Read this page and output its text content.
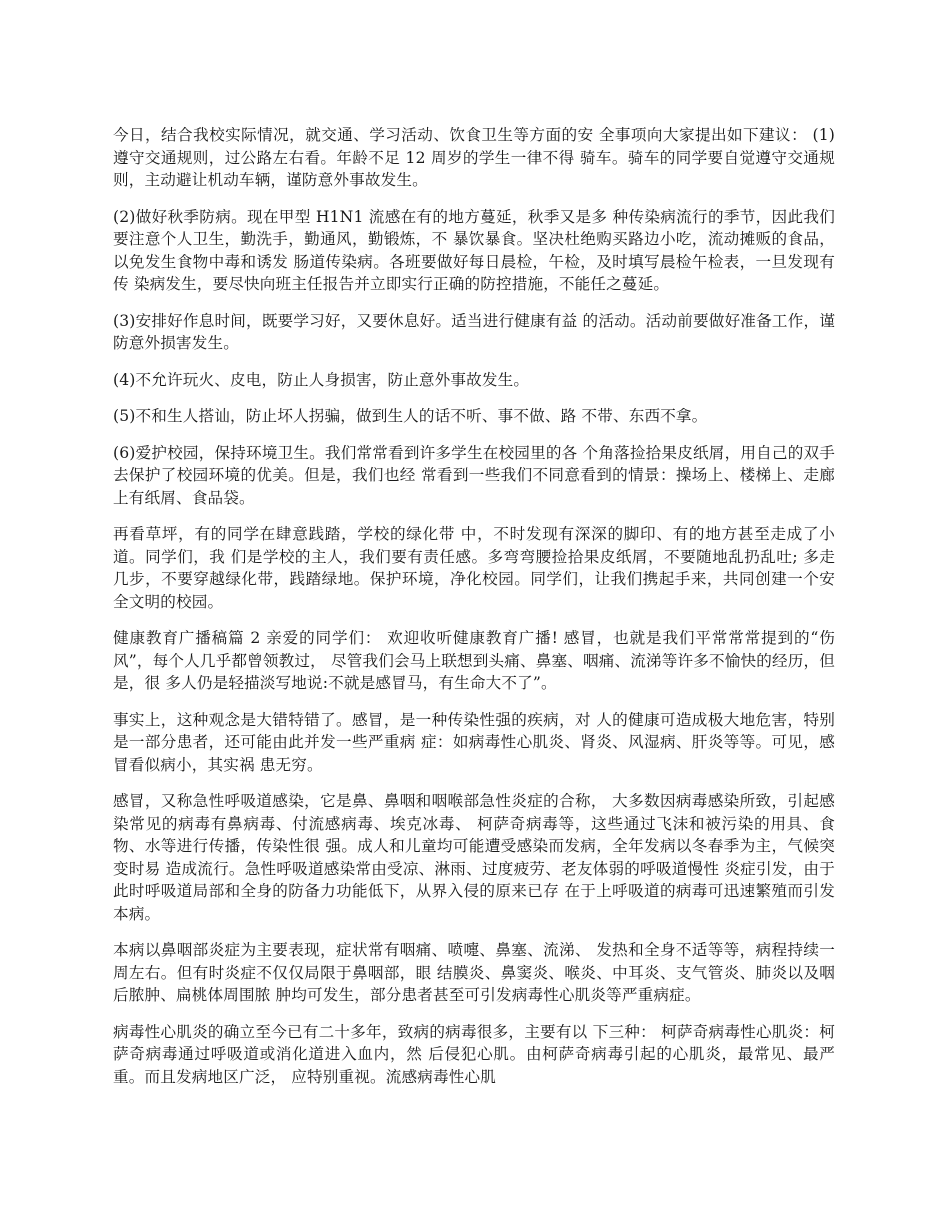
今日，结合我校实际情况，就交通、学习活动、饮食卫生等方面的安 全事项向大家提出如下建议： (1)遵守交通规则，过公路左右看。年龄不足 12 周岁的学生一律不得 骑车。骑车的同学要自觉遵守交通规则，主动避让机动车辆，谨防意外事故发生。

(2)做好秋季防病。现在甲型 H1N1 流感在有的地方蔓延，秋季又是多 种传染病流行的季节，因此我们要注意个人卫生，勤洗手，勤通风，勤锻炼，不 暴饮暴食。坚决杜绝购买路边小吃，流动摊贩的食品，以免发生食物中毒和诱发 肠道传染病。各班要做好每日晨检，午检，及时填写晨检午检表，一旦发现有传 染病发生，要尽快向班主任报告并立即实行正确的防控措施，不能任之蔓延。

(3)安排好作息时间，既要学习好，又要休息好。适当进行健康有益 的活动。活动前要做好准备工作，谨防意外损害发生。

(4)不允许玩火、皮电，防止人身损害，防止意外事故发生。

(5)不和生人搭讪，防止坏人拐骗，做到生人的话不听、事不做、路 不带、东西不拿。

(6)爱护校园，保持环境卫生。我们常常看到许多学生在校园里的各 个角落捡拾果皮纸屑，用自己的双手去保护了校园环境的优美。但是，我们也经 常看到一些我们不同意看到的情景：操场上、楼梯上、走廊上有纸屑、食品袋。

再看草坪，有的同学在肆意践踏，学校的绿化带 中，不时发现有深深的脚印、有的地方甚至走成了小道。同学们，我 们是学校的主人，我们要有责任感。多弯弯腰捡拾果皮纸屑，不要随地乱扔乱吐; 多走几步，不要穿越绿化带，践踏绿地。保护环境，净化校园。同学们，让我们携起手来，共同创建一个安全文明的校园。

健康教育广播稿篇 2 亲爱的同学们： 欢迎收听健康教育广播! 感冒，也就是我们平常常常提到的“伤风”，每个人几乎都曾领教过， 尽管我们会马上联想到头痛、鼻塞、咽痛、流涕等许多不愉快的经历，但是，很 多人仍是轻描淡写地说:不就是感冒马，有生命大不了”。

事实上，这种观念是大错特错了。感冒，是一种传染性强的疾病，对 人的健康可造成极大地危害，特别是一部分患者，还可能由此并发一些严重病 症：如病毒性心肌炎、肾炎、风湿病、肝炎等等。可见，感冒看似病小，其实祸 患无穷。

感冒，又称急性呼吸道感染，它是鼻、鼻咽和咽喉部急性炎症的合称， 大多数因病毒感染所致，引起感染常见的病毒有鼻病毒、付流感病毒、埃克冰毒、 柯萨奇病毒等，这些通过飞沫和被污染的用具、食物、水等进行传播，传染性很 强。成人和儿童均可能遭受感染而发病，全年发病以冬春季为主，气候突变时易 造成流行。急性呼吸道感染常由受凉、淋雨、过度疲劳、老友体弱的呼吸道慢性 炎症引发，由于此时呼吸道局部和全身的防备力功能低下，从界入侵的原来已存 在于上呼吸道的病毒可迅速繁殖而引发本病。

本病以鼻咽部炎症为主要表现，症状常有咽痛、喷嚏、鼻塞、流涕、 发热和全身不适等等，病程持续一周左右。但有时炎症不仅仅局限于鼻咽部，眼 结膜炎、鼻窦炎、喉炎、中耳炎、支气管炎、肺炎以及咽后脓肿、扁桃体周围脓 肿均可发生，部分患者甚至可引发病毒性心肌炎等严重病症。

病毒性心肌炎的确立至今已有二十多年，致病的病毒很多，主要有以 下三种： 柯萨奇病毒性心肌炎：柯萨奇病毒通过呼吸道或消化道进入血内，然 后侵犯心肌。由柯萨奇病毒引起的心肌炎，最常见、最严重。而且发病地区广泛， 应特别重视。流感病毒性心肌
